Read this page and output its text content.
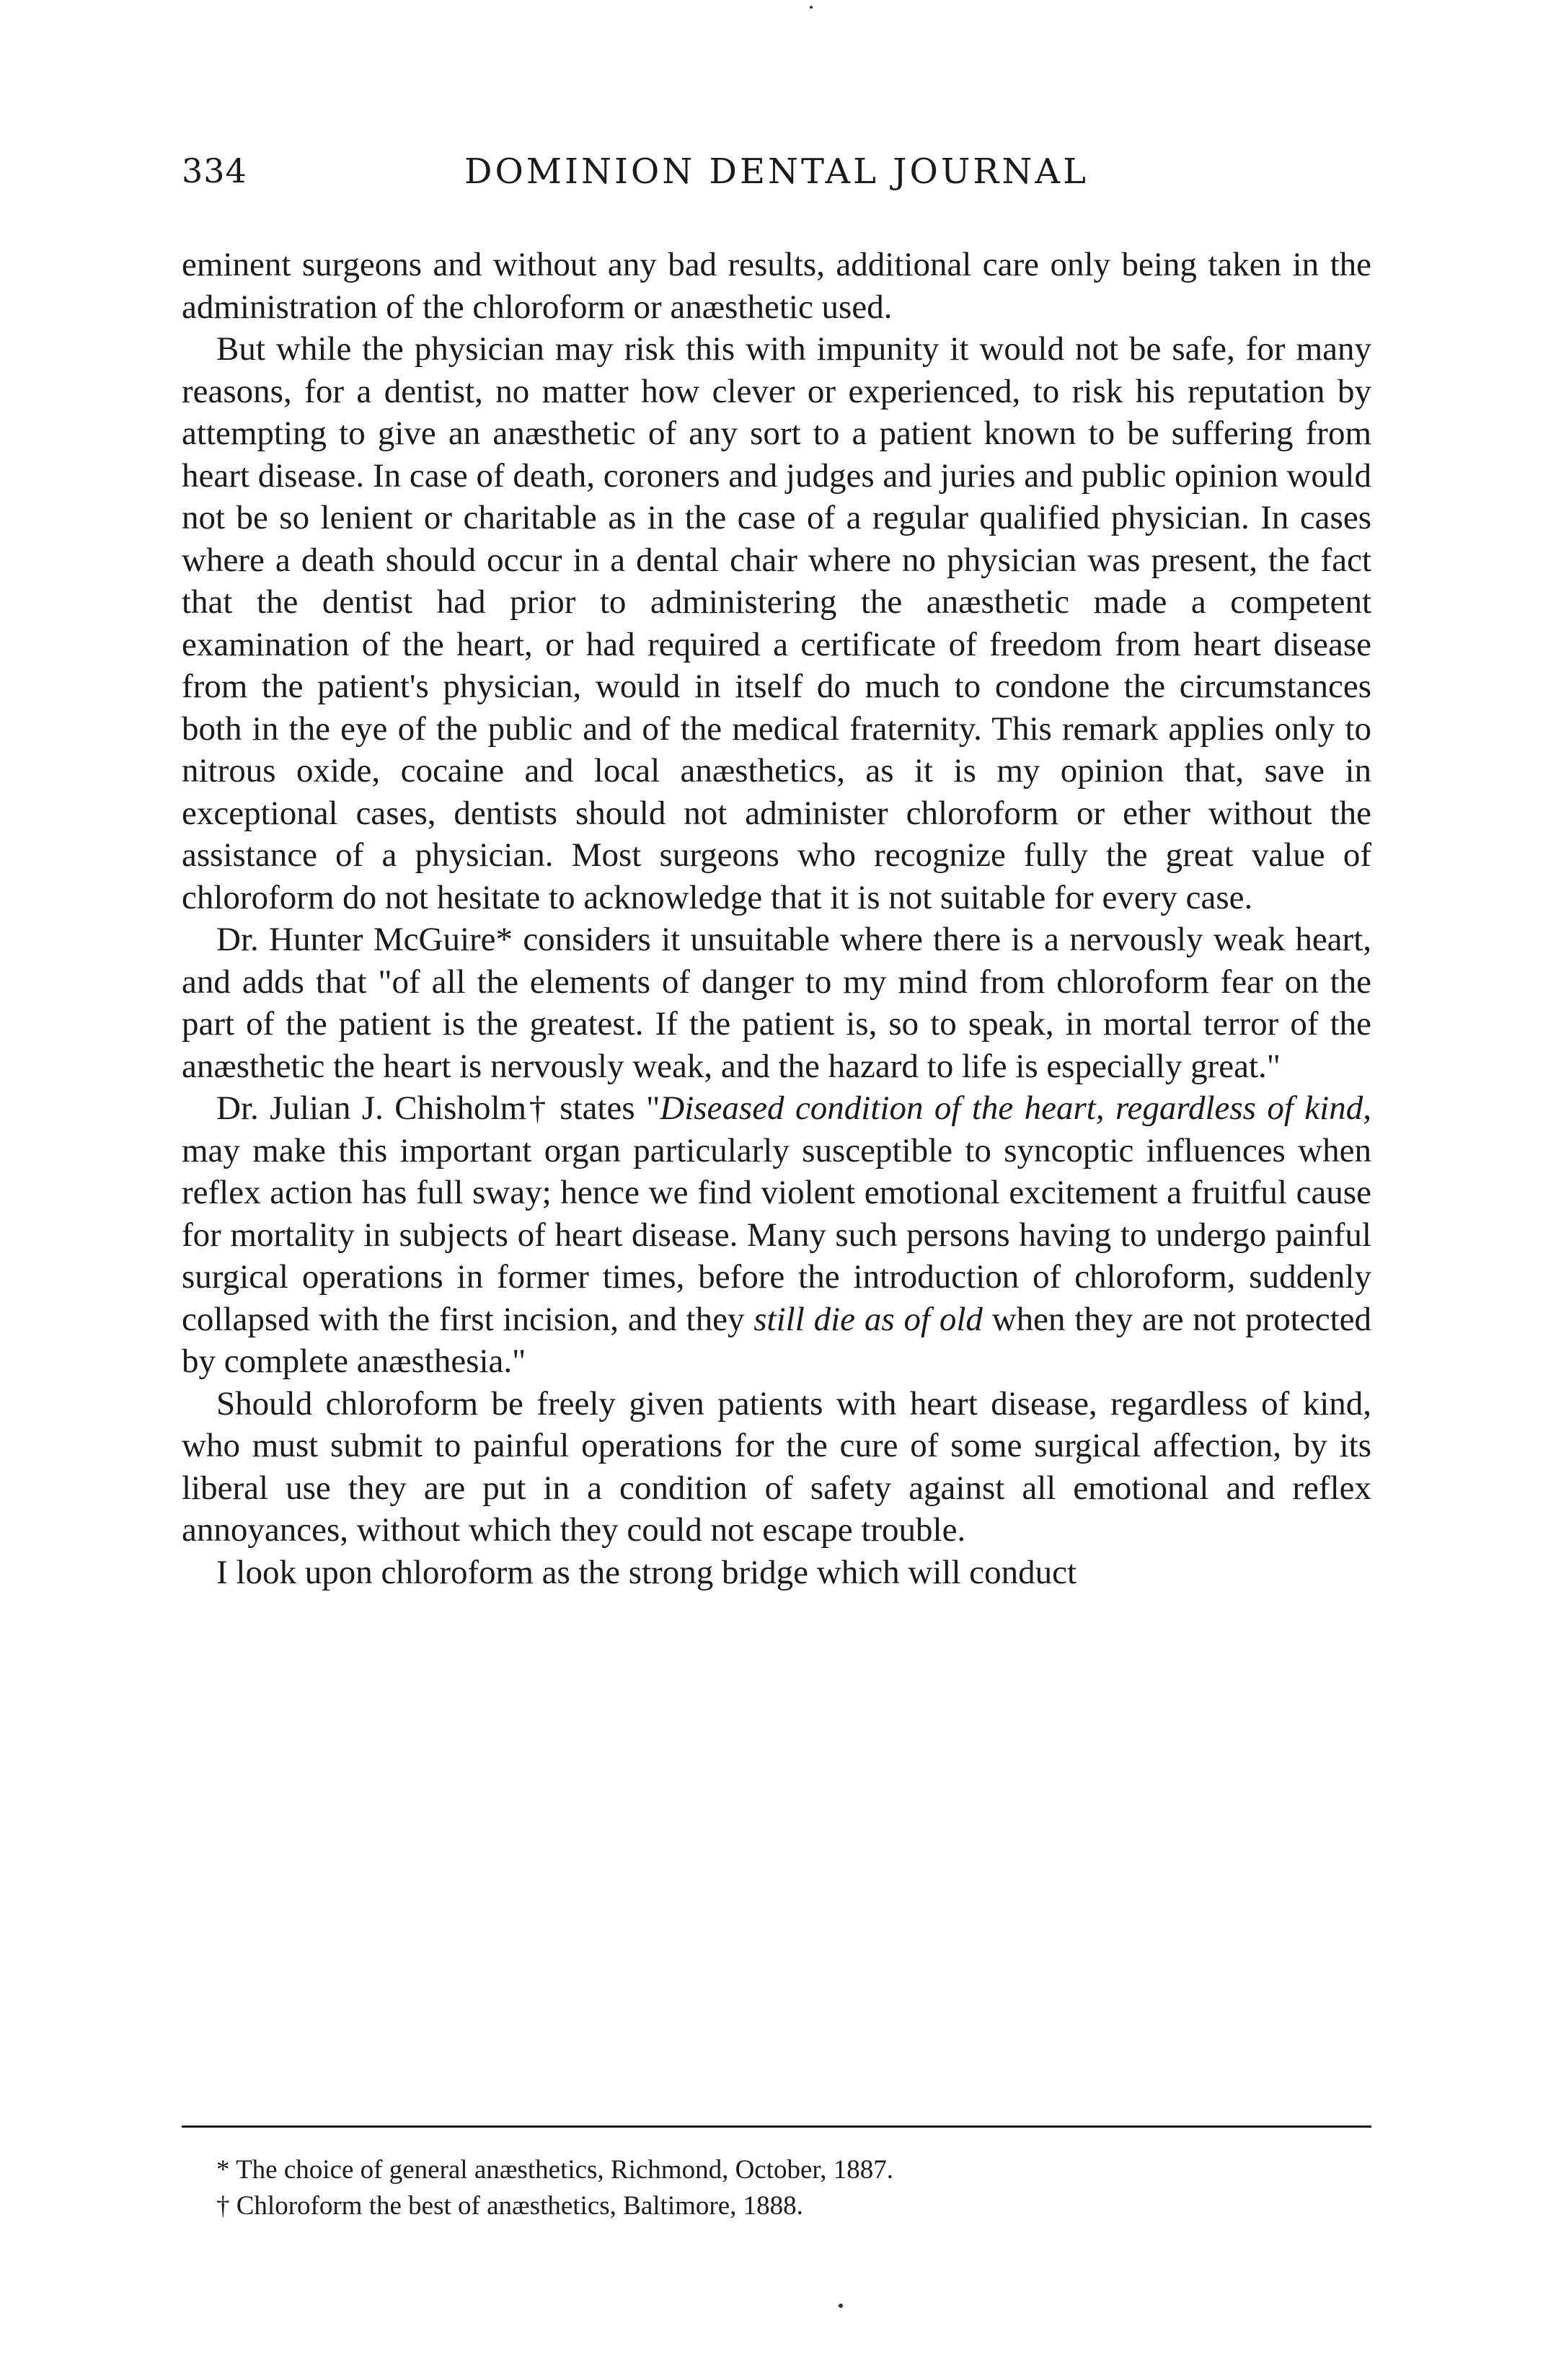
334	DOMINION DENTAL JOURNAL

eminent surgeons and without any bad results, additional care only being taken in the administration of the chloroform or anæsthetic used.

But while the physician may risk this with impunity it would not be safe, for many reasons, for a dentist, no matter how clever or experienced, to risk his reputation by attempting to give an anæsthetic of any sort to a patient known to be suffering from heart disease. In case of death, coroners and judges and juries and public opinion would not be so lenient or charitable as in the case of a regular qualified physician. In cases where a death should occur in a dental chair where no physician was present, the fact that the dentist had prior to administering the anæsthetic made a competent examination of the heart, or had required a certificate of freedom from heart disease from the patient's physician, would in itself do much to condone the circumstances both in the eye of the public and of the medical fraternity. This remark applies only to nitrous oxide, cocaine and local anæsthetics, as it is my opinion that, save in exceptional cases, dentists should not administer chloroform or ether without the assistance of a physician. Most surgeons who recognize fully the great value of chloroform do not hesitate to acknowledge that it is not suitable for every case.

Dr. Hunter McGuire* considers it unsuitable where there is a nervously weak heart, and adds that "of all the elements of danger to my mind from chloroform fear on the part of the patient is the greatest. If the patient is, so to speak, in mortal terror of the anæsthetic the heart is nervously weak, and the hazard to life is especially great."

Dr. Julian J. Chisholm† states "Diseased condition of the heart, regardless of kind, may make this important organ particularly susceptible to syncoptic influences when reflex action has full sway; hence we find violent emotional excitement a fruitful cause for mortality in subjects of heart disease. Many such persons having to undergo painful surgical operations in former times, before the introduction of chloroform, suddenly collapsed with the first incision, and they still die as of old when they are not protected by complete anæsthesia."

Should chloroform be freely given patients with heart disease, regardless of kind, who must submit to painful operations for the cure of some surgical affection, by its liberal use they are put in a condition of safety against all emotional and reflex annoyances, without which they could not escape trouble.

I look upon chloroform as the strong bridge which will conduct

* The choice of general anæsthetics, Richmond, October, 1887.
† Chloroform the best of anæsthetics, Baltimore, 1888.
